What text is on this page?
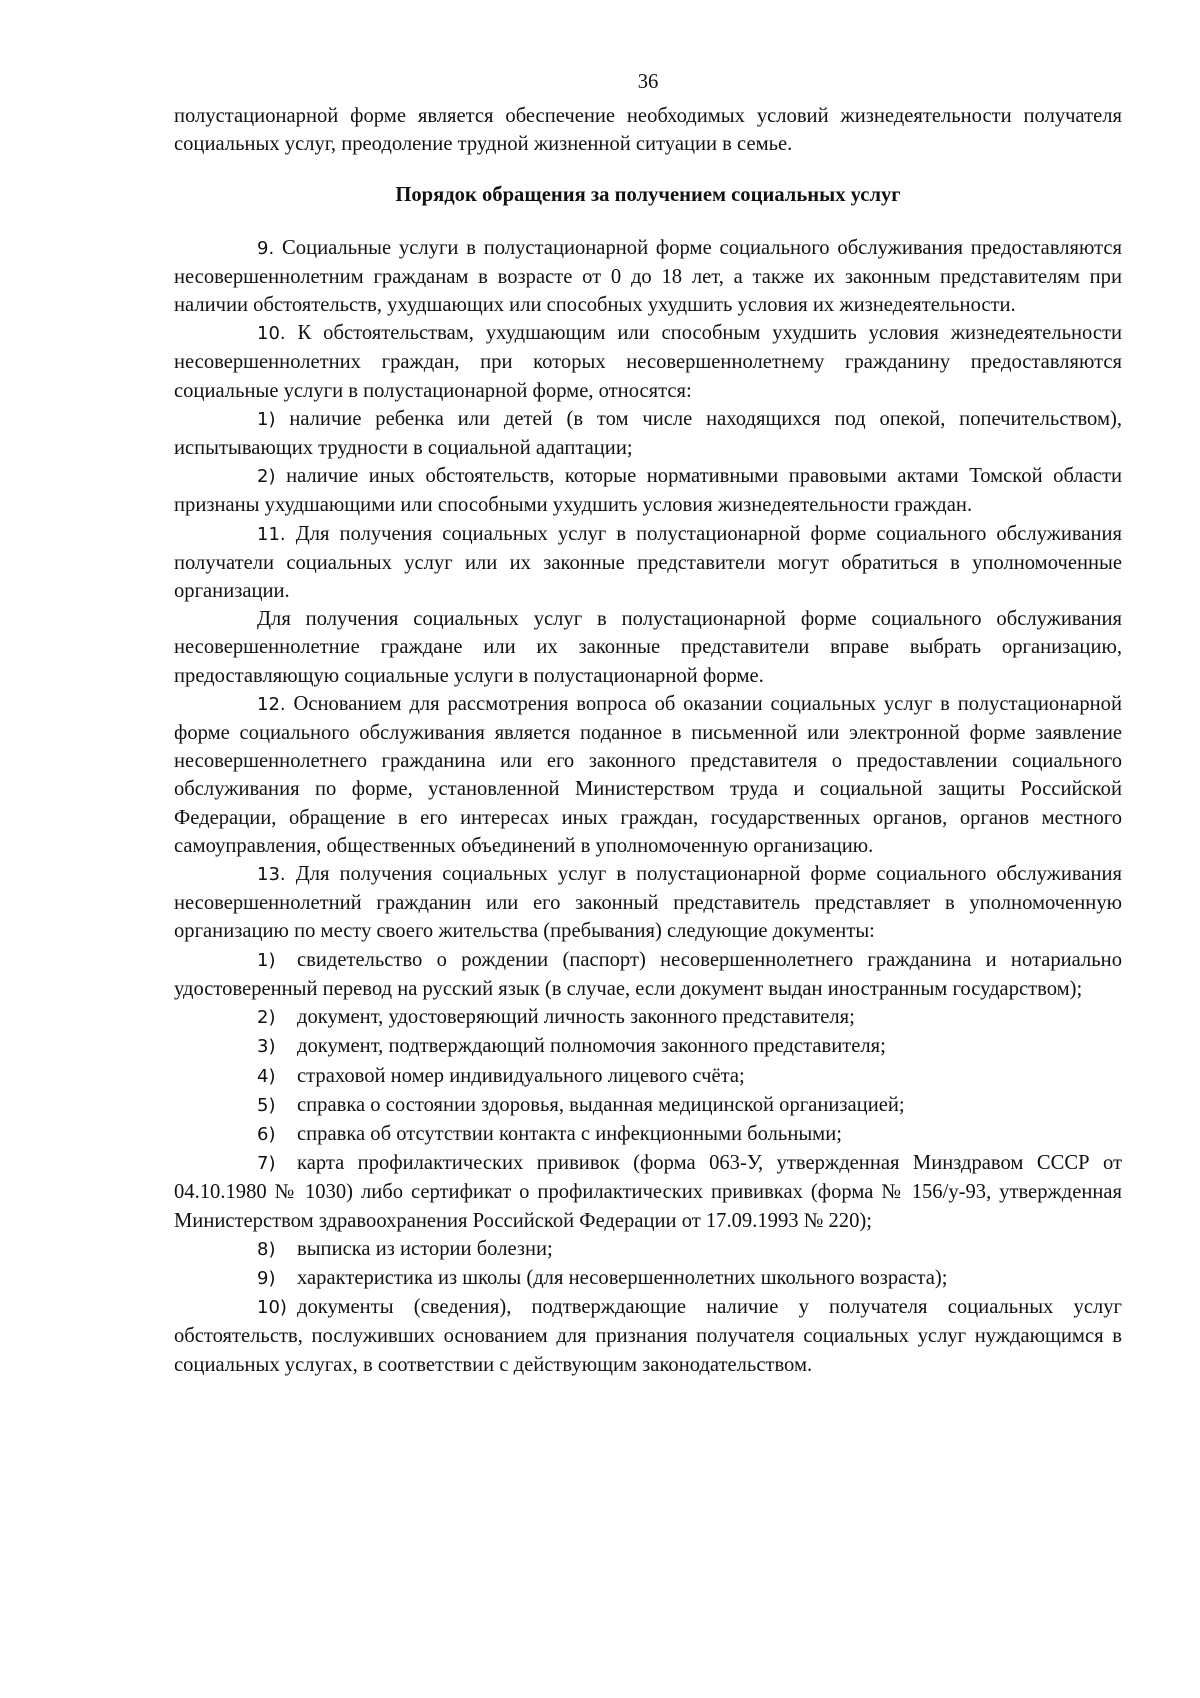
36

полустационарной форме является обеспечение необходимых условий жизнедеятельности получателя социальных услуг, преодоление трудной жизненной ситуации в семье.

Порядок обращения за получением социальных услуг

9. Социальные услуги в полустационарной форме социального обслуживания предоставляются несовершеннолетним гражданам в возрасте от 0 до 18 лет, а также их законным представителям при наличии обстоятельств, ухудшающих или способных ухудшить условия их жизнедеятельности.

10. К обстоятельствам, ухудшающим или способным ухудшить условия жизнедеятельности несовершеннолетних граждан, при которых несовершеннолетнему гражданину предоставляются социальные услуги в полустационарной форме, относятся:

1) наличие ребенка или детей (в том числе находящихся под опекой, попечительством), испытывающих трудности в социальной адаптации;

2) наличие иных обстоятельств, которые нормативными правовыми актами Томской области признаны ухудшающими или способными ухудшить условия жизнедеятельности граждан.

11. Для получения социальных услуг в полустационарной форме социального обслуживания получатели социальных услуг или их законные представители могут обратиться в уполномоченные организации.

Для получения социальных услуг в полустационарной форме социального обслуживания несовершеннолетние граждане или их законные представители вправе выбрать организацию, предоставляющую социальные услуги в полустационарной форме.

12. Основанием для рассмотрения вопроса об оказании социальных услуг в полустационарной форме социального обслуживания является поданное в письменной или электронной форме заявление несовершеннолетнего гражданина или его законного представителя о предоставлении социального обслуживания по форме, установленной Министерством труда и социальной защиты Российской Федерации, обращение в его интересах иных граждан, государственных органов, органов местного самоуправления, общественных объединений в уполномоченную организацию.

13. Для получения социальных услуг в полустационарной форме социального обслуживания несовершеннолетний гражданин или его законный представитель представляет в уполномоченную организацию по месту своего жительства (пребывания) следующие документы:

1) свидетельство о рождении (паспорт) несовершеннолетнего гражданина и нотариально удостоверенный перевод на русский язык (в случае, если документ выдан иностранным государством);

2) документ, удостоверяющий личность законного представителя;

3) документ, подтверждающий полномочия законного представителя;

4) страховой номер индивидуального лицевого счёта;

5) справка о состоянии здоровья, выданная медицинской организацией;

6) справка об отсутствии контакта с инфекционными больными;

7) карта профилактических прививок (форма 063-У, утвержденная Минздравом СССР от 04.10.1980 № 1030) либо сертификат о профилактических прививках (форма № 156/у-93, утвержденная Министерством здравоохранения Российской Федерации от 17.09.1993 № 220);

8) выписка из истории болезни;

9) характеристика из школы (для несовершеннолетних школьного возраста);

10) документы (сведения), подтверждающие наличие у получателя социальных услуг обстоятельств, послуживших основанием для признания получателя социальных услуг нуждающимся в социальных услугах, в соответствии с действующим законодательством.
